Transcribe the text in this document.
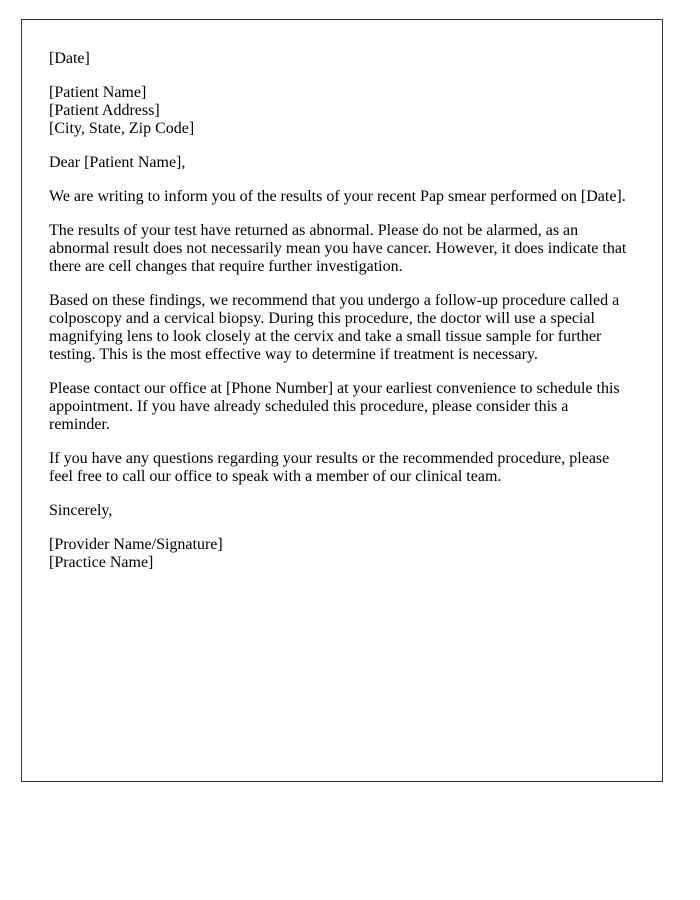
[Date]
[Patient Name]
[Patient Address]
[City, State, Zip Code]
Dear [Patient Name],
We are writing to inform you of the results of your recent Pap smear performed on [Date].
The results of your test have returned as abnormal. Please do not be alarmed, as an
abnormal result does not necessarily mean you have cancer. However, it does indicate that
there are cell changes that require further investigation.
Based on these findings, we recommend that you undergo a follow-up procedure called a
colposcopy and a cervical biopsy. During this procedure, the doctor will use a special
magnifying lens to look closely at the cervix and take a small tissue sample for further
testing. This is the most effective way to determine if treatment is necessary.
Please contact our office at [Phone Number] at your earliest convenience to schedule this
appointment. If you have already scheduled this procedure, please consider this a
reminder.
If you have any questions regarding your results or the recommended procedure, please
feel free to call our office to speak with a member of our clinical team.
Sincerely,
[Provider Name/Signature]
[Practice Name]
